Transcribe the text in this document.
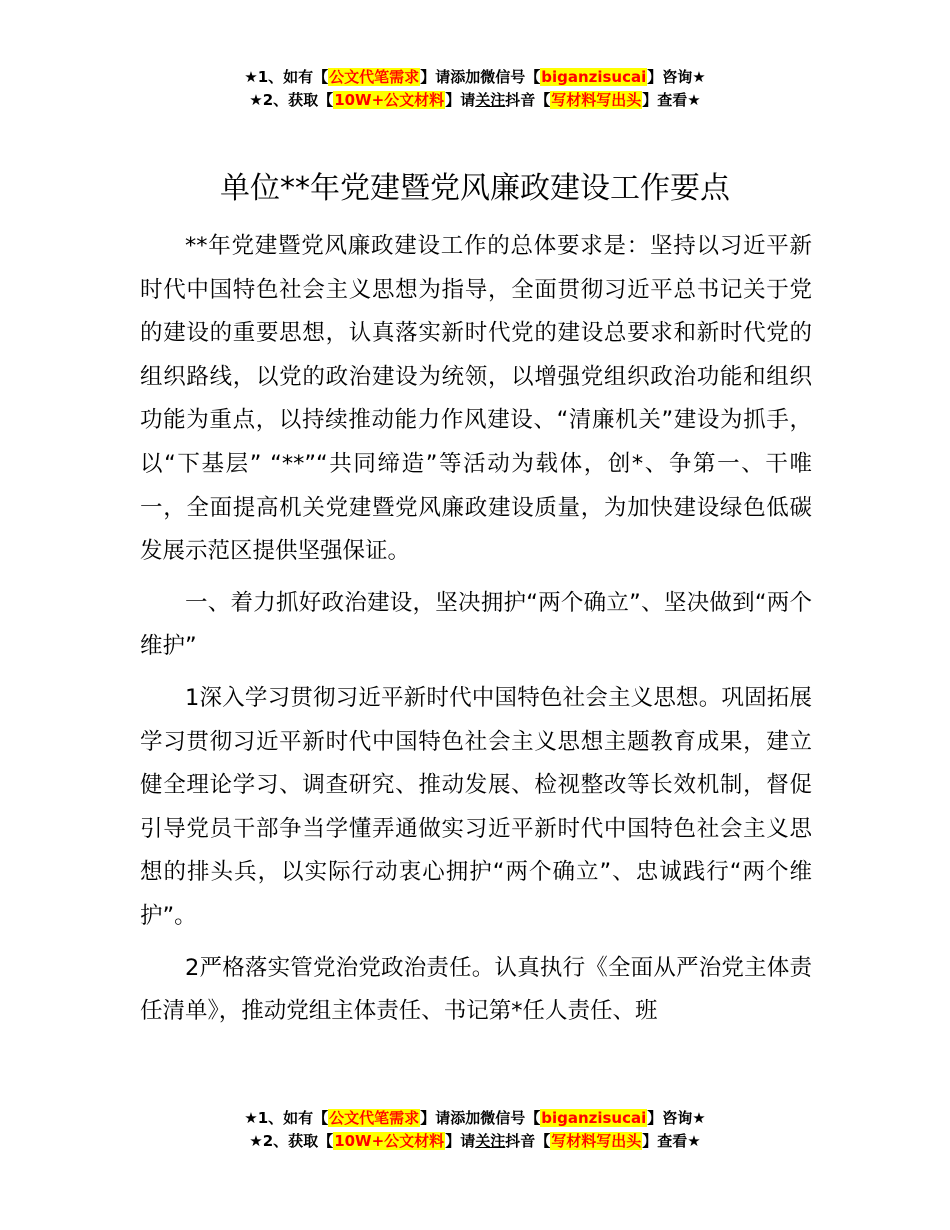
★1、如有【公文代笔需求】请添加微信号【biganzisucai】咨询★
★2、获取【10W+公文材料】请关注抖音【写材料写出头】查看★
单位**年党建暨党风廉政建设工作要点

**年党建暨党风廉政建设工作的总体要求是：坚持以习近平新时代中国特色社会主义思想为指导，全面贯彻习近平总书记关于党的建设的重要思想，认真落实新时代党的建设总要求和新时代党的组织路线，以党的政治建设为统领，以增强党组织政治功能和组织功能为重点，以持续推动能力作风建设、“清廉机关”建设为抓手，以“下基层” “**”“共同缔造”等活动为载体，创*、争第一、干唯一，全面提高机关党建暨党风廉政建设质量，为加快建设绿色低碳发展示范区提供坚强保证。

一、着力抓好政治建设，坚决拥护“两个确立”、坚决做到“两个维护”

1深入学习贯彻习近平新时代中国特色社会主义思想。巩固拓展学习贯彻习近平新时代中国特色社会主义思想主题教育成果，建立健全理论学习、调查研究、推动发展、检视整改等长效机制，督促引导党员干部争当学懂弄通做实习近平新时代中国特色社会主义思想的排头兵，以实际行动衷心拥护“两个确立”、忠诚践行“两个维护”。

2严格落实管党治党政治责任。认真执行《全面从严治党主体责任清单》，推动党组主体责任、书记第*任人责任、班

★1、如有【公文代笔需求】请添加微信号【biganzisucai】咨询★
★2、获取【10W+公文材料】请关注抖音【写材料写出头】查看★
